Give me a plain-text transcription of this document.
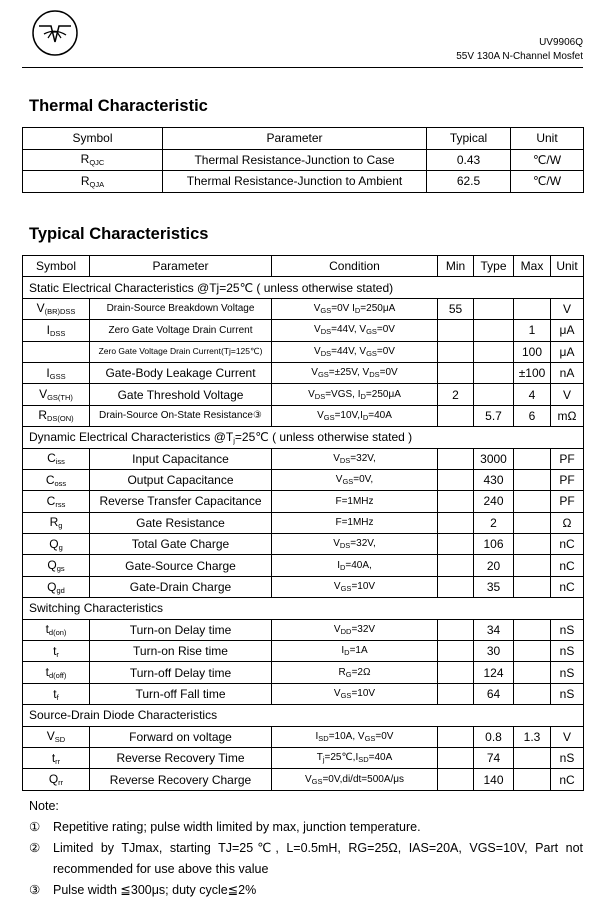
UV9906Q
55V 130A N-Channel Mosfet
Thermal Characteristic
Symbol	Parameter	Typical	Unit
$R_{QJC}$	Thermal Resistance-Junction to Case	0.43	℃/W
$R_{QJA}$	Thermal Resistance-Junction to Ambient	62.5	℃/W
Typical Characteristics
Symbol	Parameter	Condition	Min	Type	Max	Unit
Static Electrical Characteristics @Tj=25℃ ( unless otherwise stated)						
$V_{(BR)DSS}$	Drain-Source Breakdown Voltage	$V_{GS}=0V$ $I_D=250\mu A$	55			V
$I_{DSS}$	Zero Gate Voltage Drain Current	$V_{DS}=44V$, $V_{GS}=0V$			1	μA
	Zero Gate Voltage Drain Current(Tj=125℃)	$V_{DS}=44V$, $V_{GS}=0V$			100	μA
$I_{GSS}$	Gate-Body Leakage Current	$V_{GS}=\pm 25V$, $V_{DS}=0V$			±100	nA
$V_{GS(TH)}$	Gate Threshold Voltage	$V_{DS}=VGS$, $I_D=250\mu A$	2		4	V
$R_{DS(ON)}$	Drain-Source On-State Resistance③	$V_{GS}=10V,I_D=40A$		5.7	6	mΩ
Dynamic Electrical Characteristics $@T_j=25℃$ ( unless otherwise stated )						
$C_{iss}$	Input Capacitance	$V_{DS}=32V$,		3000		PF
$C_{oss}$	Output Capacitance	$V_{GS}=0V$,		430		PF
$C_{rss}$	Reverse Transfer Capacitance	F=1MHz		240		PF
$R_g$	Gate Resistance	F=1MHz		2		Ω
$Q_g$	Total Gate Charge	$V_{DS}=32V$,		106		nC
$Q_{gs}$	Gate-Source Charge	$I_D=40A$,		20		nC
$Q_{gd}$	Gate-Drain Charge	$V_{GS}=10V$		35		nC
Switching Characteristics						
$t_{d(on)}$	Turn-on Delay time	$V_{DD}=32V$		34		nS
$t_r$	Turn-on Rise time	$I_D=1A$		30		nS
$t_{d(off)}$	Turn-off Delay time	$R_G=2\Omega$		124		nS
$t_f$	Turn-off Fall time	$V_{GS}=10V$		64		nS
Source-Drain Diode Characteristics						
$V_{SD}$	Forward on voltage	$I_{SD}=10A$, $V_{GS}=0V$		0.8	1.3	V
$t_{rr}$	Reverse Recovery Time	$T_j=25℃,I_{SD}=40A$		74		nS
$Q_{rr}$	Reverse Recovery Charge	$V_{GS}=0V,di/dt=500A/\mu s$		140		nC
Note:
①	Repetitive rating; pulse width limited by max, junction temperature.
②	Limited by TJmax, starting TJ=25℃, L=0.5mH, RG=25Ω, IAS=20A, VGS=10V, Part not recommended for use above this value
③	Pulse width ≦300μs; duty cycle≦2%
